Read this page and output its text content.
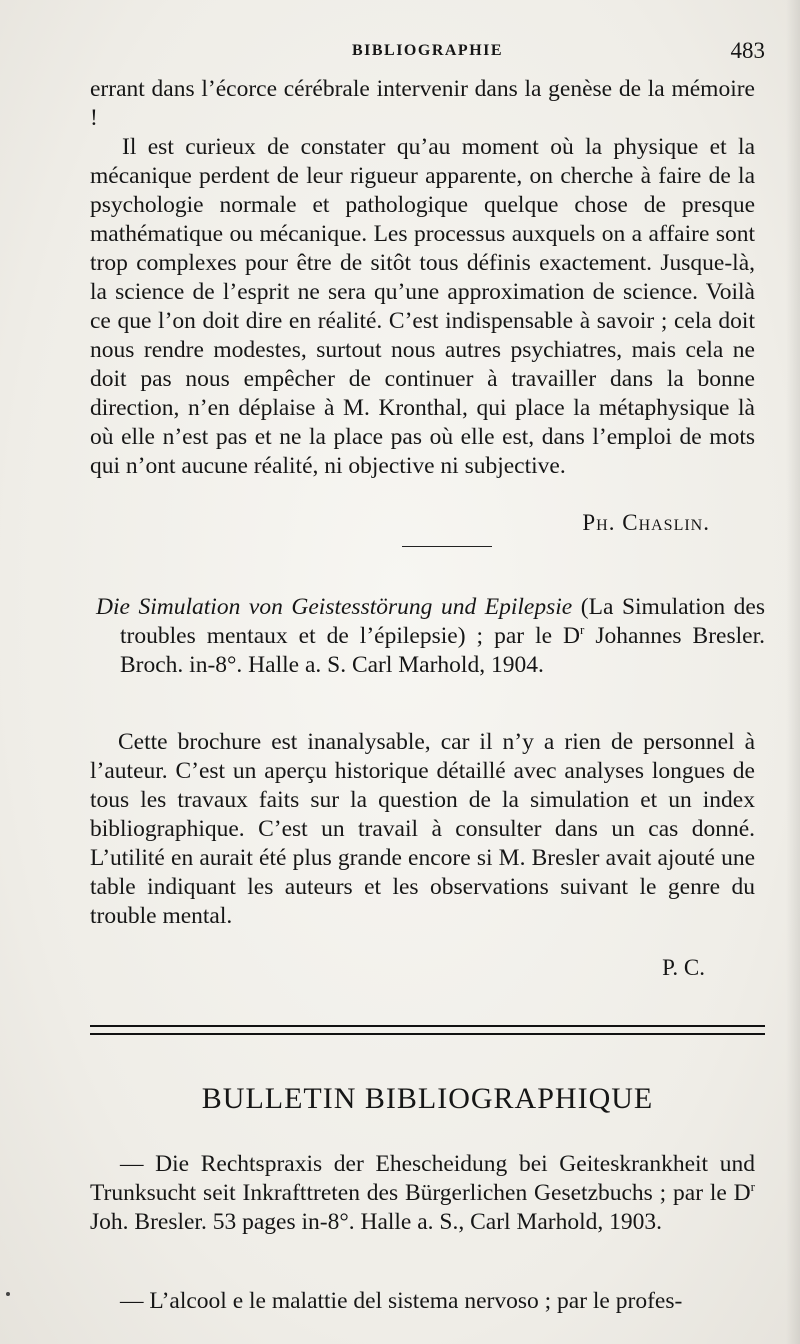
BIBLIOGRAPHIE	483

errant dans l’écorce cérébrale intervenir dans la genèse de la mémoire !

Il est curieux de constater qu’au moment où la physique et la mécanique perdent de leur rigueur apparente, on cherche à faire de la psychologie normale et pathologique quelque chose de presque mathématique ou mécanique. Les processus auxquels on a affaire sont trop complexes pour être de sitôt tous définis exactement. Jusque-là, la science de l’esprit ne sera qu’une approximation de science. Voilà ce que l’on doit dire en réalité. C’est indispensable à savoir ; cela doit nous rendre modestes, surtout nous autres psychiatres, mais cela ne doit pas nous empêcher de continuer à travailler dans la bonne direction, n’en déplaise à M. Kronthal, qui place la métaphysique là où elle n’est pas et ne la place pas où elle est, dans l’emploi de mots qui n’ont aucune réalité, ni objective ni subjective.

Ph. Chaslin.
Die Simulation von Geistesstörung und Epilepsie (La Simulation des troubles mentaux et de l’épilepsie) ; par le $D^r$ Johannes Bresler. Broch. in-8°. Halle a. S. Carl Marhold, 1904.

Cette brochure est inanalysable, car il n’y a rien de personnel à l’auteur. C’est un aperçu historique détaillé avec analyses longues de tous les travaux faits sur la question de la simulation et un index bibliographique. C’est un travail à consulter dans un cas donné. L’utilité en aurait été plus grande encore si M. Bresler avait ajouté une table indiquant les auteurs et les observations suivant le genre du trouble mental.

P. C.
BULLETIN BIBLIOGRAPHIQUE

— Die Rechtspraxis der Ehescheidung bei Geiteskrankheit und Trunksucht seit Inkrafttreten des Bürgerlichen Gesetzbuchs ; par le $D^r$ Joh. Bresler. 53 pages in-8°. Halle a. S., Carl Marhold, 1903.

— L’alcool e le malattie del sistema nervoso ; par le profes-
